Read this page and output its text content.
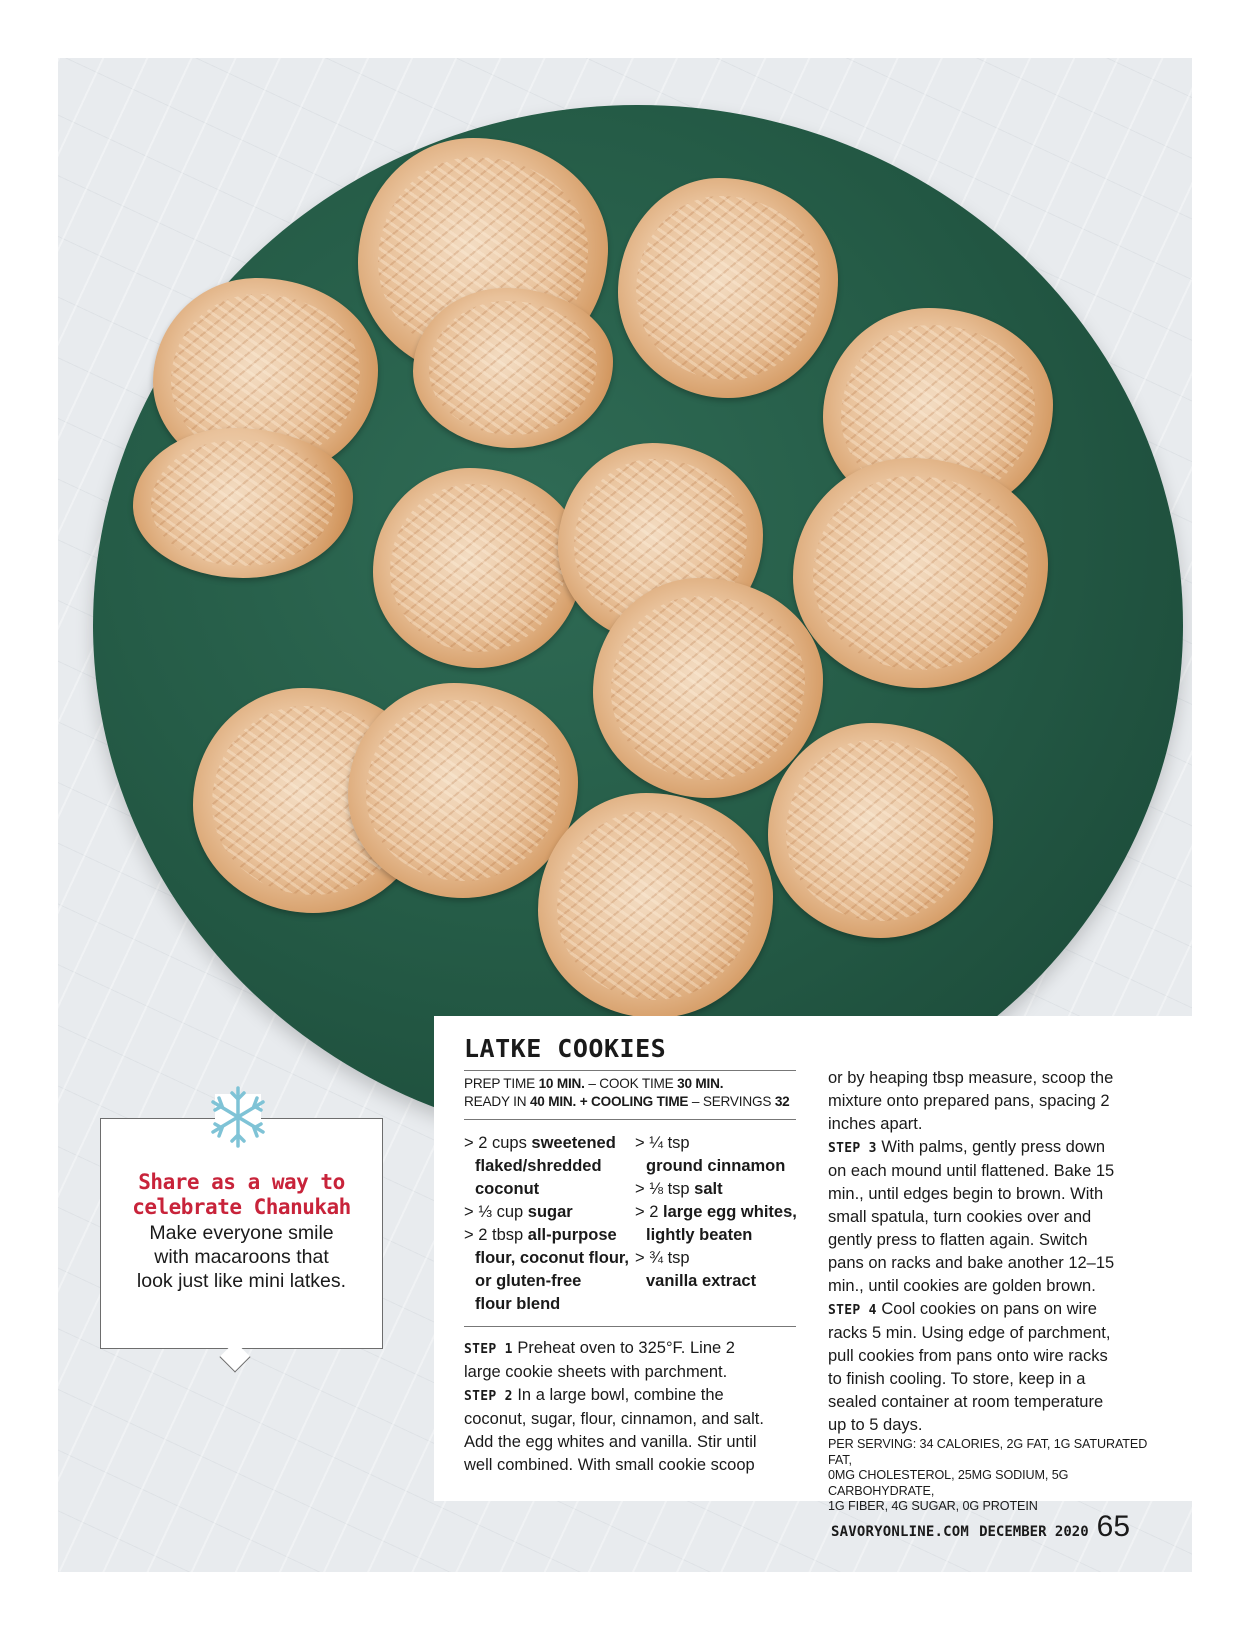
Share as a way to
celebrate Chanukah
Make everyone smile
with macaroons that
look just like mini latkes.
LATKE COOKIES
PREP TIME 10 MIN. – COOK TIME 30 MIN.
READY IN 40 MIN. + COOLING TIME – SERVINGS 32
> 2 cups sweetened
flaked/shredded
coconut
> ⅓ cup sugar
> 2 tbsp all-purpose
flour, coconut flour,
or gluten-free
flour blend
> ¼ tsp
ground cinnamon
> ⅛ tsp salt
> 2 large egg whites,
lightly beaten
> ¾ tsp
vanilla extract
STEP 1 Preheat oven to 325°F. Line 2
large cookie sheets with parchment.
STEP 2 In a large bowl, combine the
coconut, sugar, flour, cinnamon, and salt.
Add the egg whites and vanilla. Stir until
well combined. With small cookie scoop
or by heaping tbsp measure, scoop the
mixture onto prepared pans, spacing 2
inches apart.
STEP 3 With palms, gently press down
on each mound until flattened. Bake 15
min., until edges begin to brown. With
small spatula, turn cookies over and
gently press to flatten again. Switch
pans on racks and bake another 12–15
min., until cookies are golden brown.
STEP 4 Cool cookies on pans on wire
racks 5 min. Using edge of parchment,
pull cookies from pans onto wire racks
to finish cooling. To store, keep in a
sealed container at room temperature
up to 5 days.
PER SERVING: 34 CALORIES, 2G FAT, 1G SATURATED FAT,
0MG CHOLESTEROL, 25MG SODIUM, 5G CARBOHYDRATE,
1G FIBER, 4G SUGAR, 0G PROTEIN
SAVORYONLINE.COM DECEMBER 2020 65
